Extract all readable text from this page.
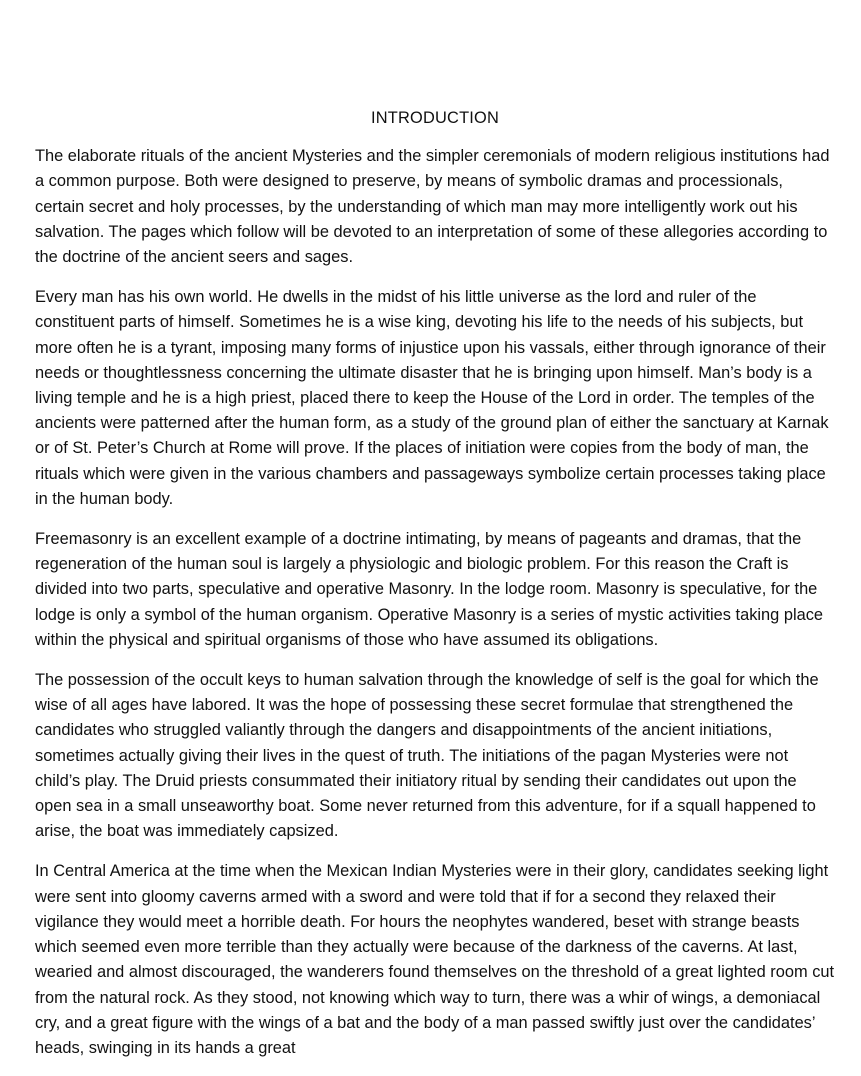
INTRODUCTION

The elaborate rituals of the ancient Mysteries and the simpler ceremonials of modern religious institutions had a common purpose. Both were designed to preserve, by means of symbolic dramas and processionals, certain secret and holy processes, by the understanding of which man may more intelligently work out his salvation. The pages which follow will be devoted to an interpretation of some of these allegories according to the doctrine of the ancient seers and sages.

Every man has his own world. He dwells in the midst of his little universe as the lord and ruler of the constituent parts of himself. Sometimes he is a wise king, devoting his life to the needs of his subjects, but more often he is a tyrant, imposing many forms of injustice upon his vassals, either through ignorance of their needs or thoughtlessness concerning the ultimate disaster that he is bringing upon himself. Man’s body is a living temple and he is a high priest, placed there to keep the House of the Lord in order. The temples of the ancients were patterned after the human form, as a study of the ground plan of either the sanctuary at Karnak or of St. Peter’s Church at Rome will prove. If the places of initiation were copies from the body of man, the rituals which were given in the various chambers and passageways symbolize certain processes taking place in the human body.

Freemasonry is an excellent example of a doctrine intimating, by means of pageants and dramas, that the regeneration of the human soul is largely a physiologic and biologic problem. For this reason the Craft is divided into two parts, speculative and operative Masonry. In the lodge room. Masonry is speculative, for the lodge is only a symbol of the human organism. Operative Masonry is a series of mystic activities taking place within the physical and spiritual organisms of those who have assumed its obligations.

The possession of the occult keys to human salvation through the knowledge of self is the goal for which the wise of all ages have labored. It was the hope of possessing these secret formulae that strengthened the candidates who struggled valiantly through the dangers and disappointments of the ancient initiations, sometimes actually giving their lives in the quest of truth. The initiations of the pagan Mysteries were not child’s play. The Druid priests consummated their initiatory ritual by sending their candidates out upon the open sea in a small unseaworthy boat. Some never returned from this adventure, for if a squall happened to arise, the boat was immediately capsized.

In Central America at the time when the Mexican Indian Mysteries were in their glory, candidates seeking light were sent into gloomy caverns armed with a sword and were told that if for a second they relaxed their vigilance they would meet a horrible death. For hours the neophytes wandered, beset with strange beasts which seemed even more terrible than they actually were because of the darkness of the caverns. At last, wearied and almost discouraged, the wanderers found themselves on the threshold of a great lighted room cut from the natural rock. As they stood, not knowing which way to turn, there was a whir of wings, a demoniacal cry, and a great figure with the wings of a bat and the body of a man passed swiftly just over the candidates’ heads, swinging in its hands a great
